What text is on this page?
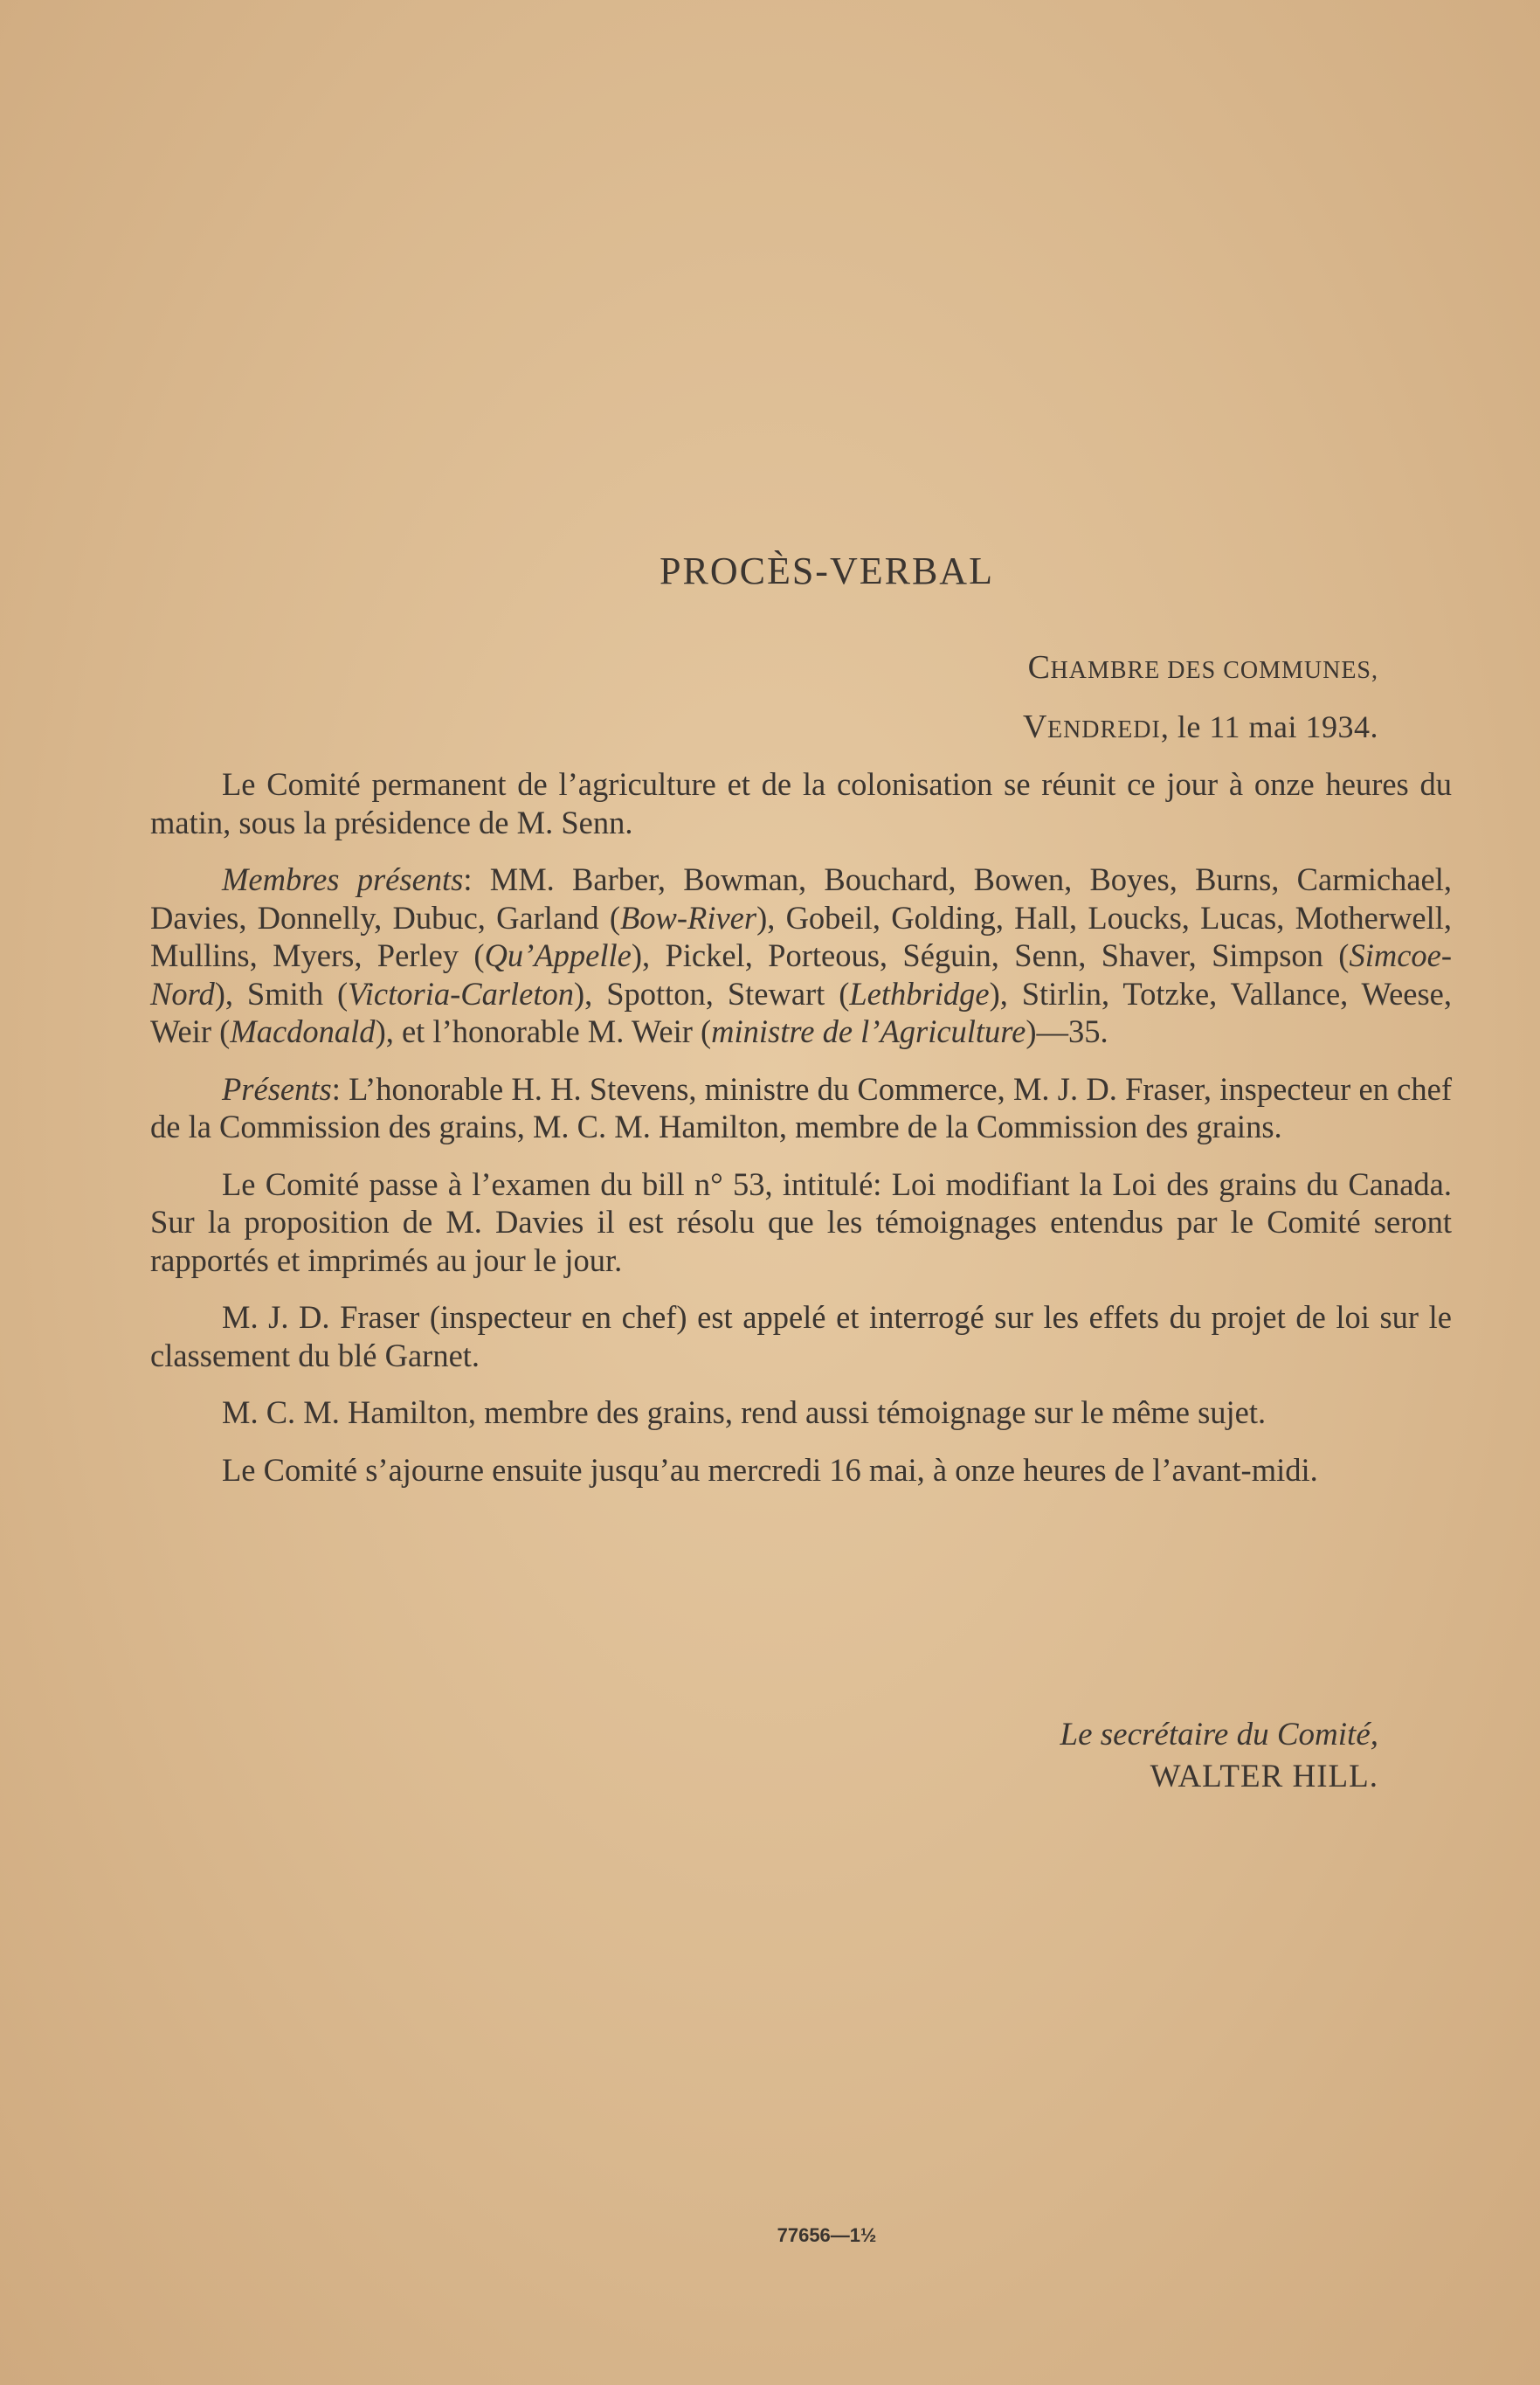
PROCÈS-VERBAL
CHAMBRE DES COMMUNES,
VENDREDI, le 11 mai 1934.

Le Comité permanent de l’agriculture et de la colonisation se réunit ce jour à onze heures du matin, sous la présidence de M. Senn.

Membres présents: MM. Barber, Bowman, Bouchard, Bowen, Boyes, Burns, Carmichael, Davies, Donnelly, Dubuc, Garland (Bow-River), Gobeil, Golding, Hall, Loucks, Lucas, Motherwell, Mullins, Myers, Perley (Qu’Appelle), Pickel, Porteous, Séguin, Senn, Shaver, Simpson (Simcoe-Nord), Smith (Victoria-Carleton), Spotton, Stewart (Lethbridge), Stirlin, Totzke, Vallance, Weese, Weir (Macdonald), et l’honorable M. Weir (ministre de l’Agriculture)—35.

Présents: L’honorable H. H. Stevens, ministre du Commerce, M. J. D. Fraser, inspecteur en chef de la Commission des grains, M. C. M. Hamilton, membre de la Commission des grains.

Le Comité passe à l’examen du bill n° 53, intitulé: Loi modifiant la Loi des grains du Canada. Sur la proposition de M. Davies il est résolu que les témoignages entendus par le Comité seront rapportés et imprimés au jour le jour.

M. J. D. Fraser (inspecteur en chef) est appelé et interrogé sur les effets du projet de loi sur le classement du blé Garnet.

M. C. M. Hamilton, membre des grains, rend aussi témoignage sur le même sujet.

Le Comité s’ajourne ensuite jusqu’au mercredi 16 mai, à onze heures de l’avant-midi.

Le secrétaire du Comité,
WALTER HILL.
77656—1½
